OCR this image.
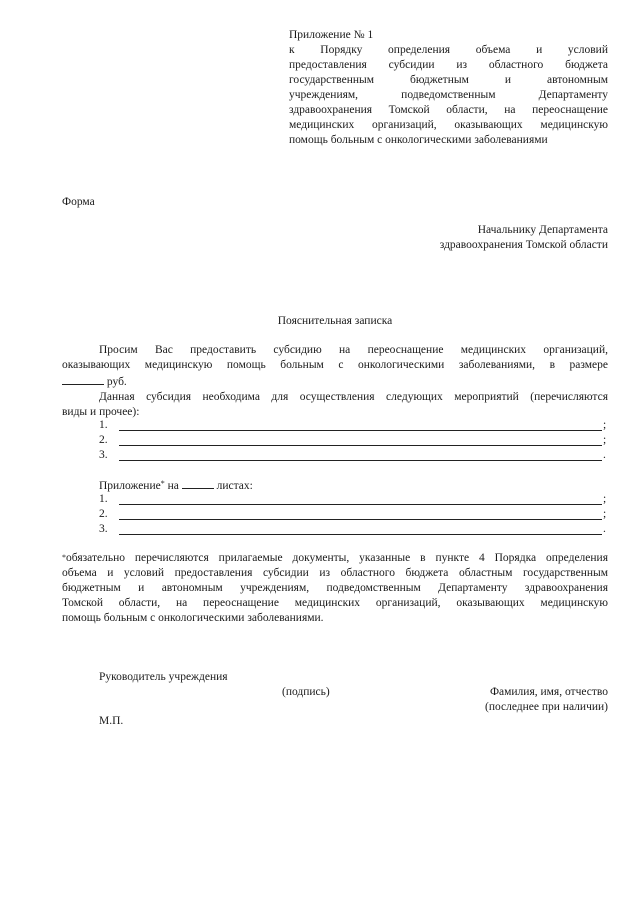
Приложение № 1
к Порядку определения объема и условий
предоставления субсидии из областного бюджета
государственным бюджетным и автономным
учреждениям, подведомственным Департаменту
здравоохранения Томской области, на переоснащение
медицинских организаций, оказывающих медицинскую
помощь больным с онкологическими заболеваниями
Форма
Начальнику Департамента
здравоохранения Томской области
Пояснительная записка
Просим Вас предоставить субсидию на переоснащение медицинских организаций,
оказывающих медицинскую помощь больным с онкологическими заболеваниями, в размере
руб.
Данная субсидия необходима для осуществления следующих мероприятий (перечисляются
виды и прочее):
1.	;
2.	;
3.	.
Приложение* на	листах:
1.	;
2.	;
3.	.
*обязательно перечисляются прилагаемые документы, указанные в пункте 4 Порядка определения
объема и условий предоставления субсидии из областного бюджета областным государственным
бюджетным и автономным учреждениям, подведомственным Департаменту здравоохранения
Томской области, на переоснащение медицинских организаций, оказывающих медицинскую
помощь больным с онкологическими заболеваниями.
Руководитель учреждения
(подпись)	Фамилия, имя, отчество
(последнее при наличии)
М.П.
